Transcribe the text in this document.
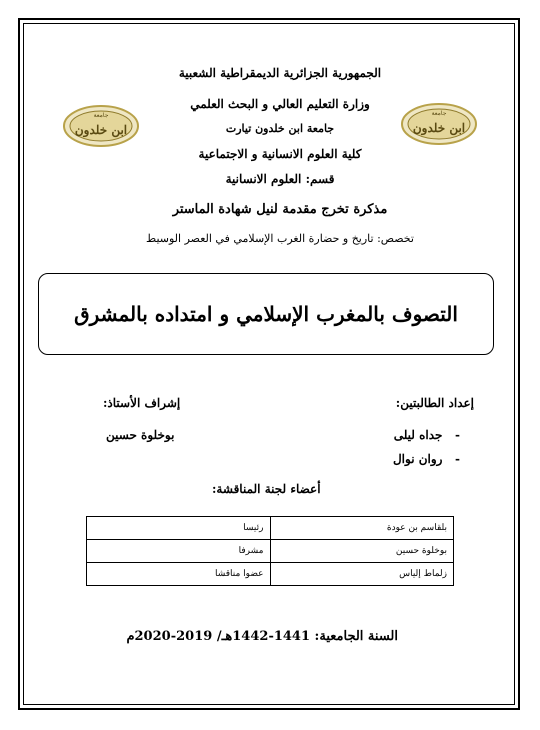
جامعة
ابن خلدون
جامعة
ابن خلدون
الجمهورية الجزائرية الديمقراطية الشعبية
وزارة التعليم العالي و البحث العلمي
جامعة ابن خلدون تيارت
كلية العلوم الانسانية و الاجتماعية
قسم: العلوم الانسانية
مذكرة تخرج مقدمة لنيل شهادة الماستر
تخصص: تاريخ و حضارة الغرب الإسلامي في العصر الوسيط
التصوف بالمغرب الإسلامي و امتداده بالمشرق
إعداد الطالبتين:
-   جداه ليلى
-   روان نوال
إشراف الأستاذ:
بوخلوة حسين
أعضاء لجنة المناقشة:
بلقاسم بن عودة	رئيسا
بوخلوة حسين	مشرفا
زلماط إلياس	عضوا مناقشا
السنة الجامعية: 1441-1442هـ/ 2019-2020م
